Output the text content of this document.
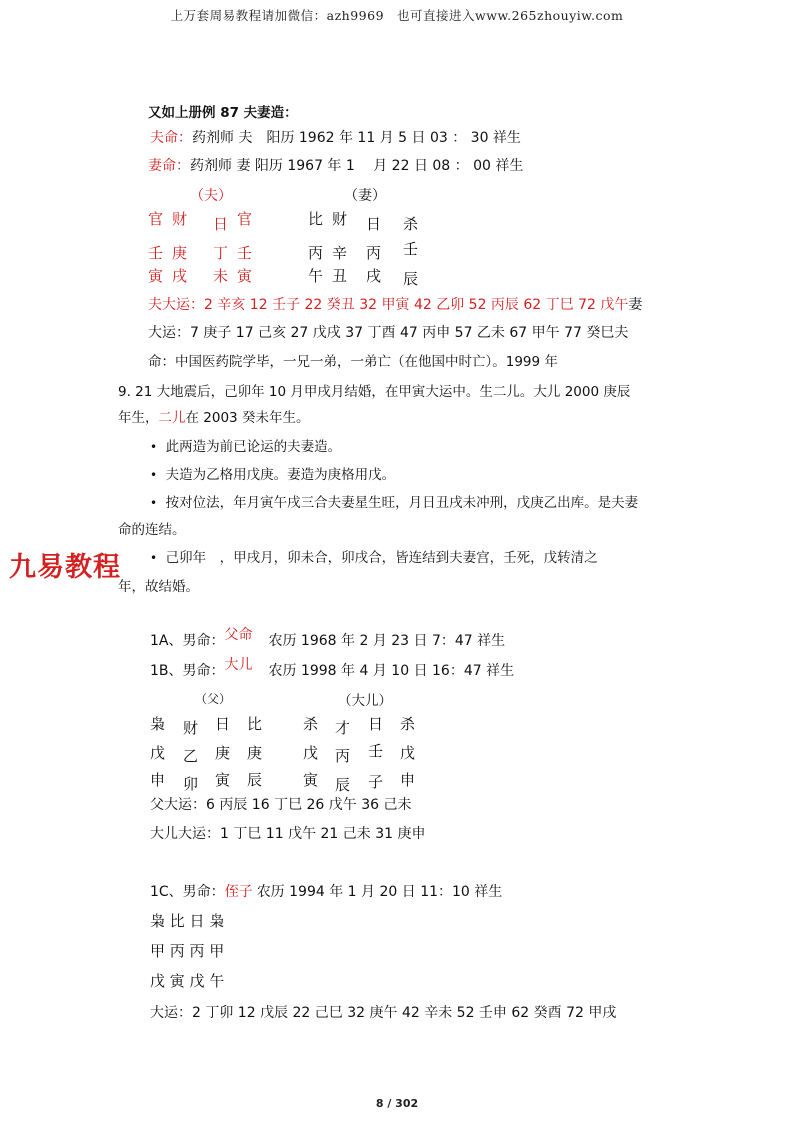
上万套周易教程请加微信：azh9969　也可直接进入www.265zhouyiw.com
又如上册例 87 夫妻造：
夫命：药剂师 夫　阳历 1962 年 11 月 5 日 03 ： 30 祥生
妻命：药剂师 妻 阳历 1967 年 1　 月 22 日 08 ： 00 祥生
（夫）	（妻）
官 财 日 官
壬 庚 丁 壬
寅 戌 未 寅
比 财 日 杀
丙 辛 丙 壬
午 丑 戌 辰
夫大运：2 辛亥 12 壬子 22 癸丑 32 甲寅 42 乙卯 52 丙辰 62 丁巳 72 戊午妻
大运：7 庚子 17 己亥 27 戊戌 37 丁酉 47 丙申 57 乙未 67 甲午 77 癸巳夫
命：中国医药院学毕，一兄一弟，一弟亡（在他国中时亡）。1999 年
9. 21 大地震后，己卯年 10 月甲戌月结婚，在甲寅大运中。生二儿。大儿 2000 庚辰
年生，二儿在 2003 癸未年生。
• 此两造为前已论运的夫妻造。
• 夫造为乙格用戊庚。妻造为庚格用戊。
• 按对位法，年月寅午戌三合夫妻星生旺，月日丑戌未冲刑，戊庚乙出库。是夫妻
命的连结。
九易教程 • 己卯年　，甲戌月，卯未合，卯戌合，皆连结到夫妻宫，壬死，戊转清之
年，故结婚。
1A、男命：父命 农历 1968 年 2 月 23 日 7：47 祥生
1B、男命：大儿 农历 1998 年 4 月 10 日 16：47 祥生
（父）	（大儿）
枭 财 日 比
戊 乙 庚 庚
申 卯 寅 辰
杀 才 日 杀
戊 丙 壬 戊
寅 辰 子 申
父大运：6 丙辰 16 丁巳 26 戊午 36 己未
大儿大运：1 丁巳 11 戊午 21 己未 31 庚申
1C、男命：侄子 农历 1994 年 1 月 20 日 11：10 祥生
枭 比 日 枭
甲 丙 丙 甲
戊 寅 戊 午
大运：2 丁卯 12 戊辰 22 己巳 32 庚午 42 辛未 52 壬申 62 癸酉 72 甲戌
8 / 302
